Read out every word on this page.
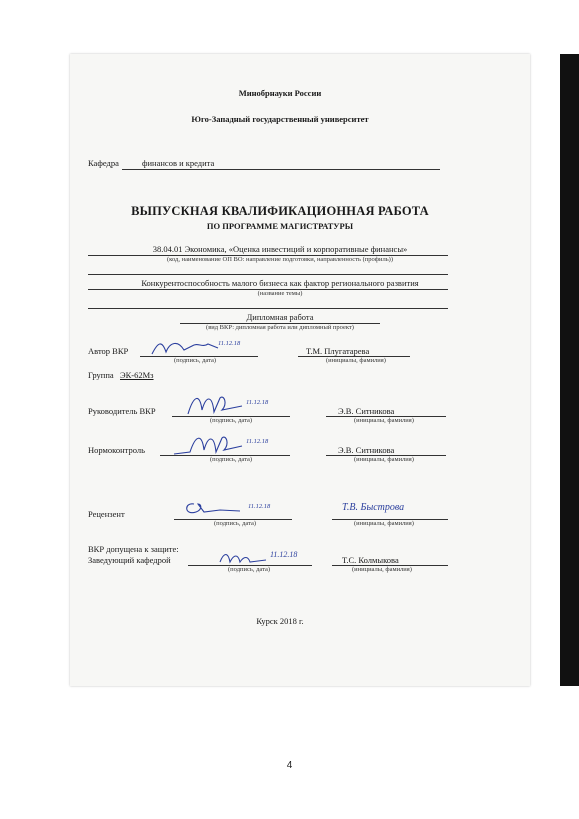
Минобрнауки России
Юго-Западный государственный университет
Кафедра	финансов и кредита
ВЫПУСКНАЯ КВАЛИФИКАЦИОННАЯ РАБОТА
ПО ПРОГРАММЕ МАГИСТРАТУРЫ
38.04.01 Экономика, «Оценка инвестиций и корпоративные финансы»
(код, наименование ОП ВО: направление подготовки, направленность (профиль))
Конкурентоспособность малого бизнеса как фактор регионального развития
(название темы)
Дипломная работа
(вид ВКР: дипломная работа или дипломный проект)
Автор ВКР
11.12.18
(подпись, дата)
Т.М. Плугатарева
(инициалы, фамилия)
Группа ЭК-62Мз
Руководитель ВКР
11.12.18
(подпись, дата)
Э.В. Ситникова
(инициалы, фамилия)
Нормоконтроль
11.12.18
(подпись, дата)
Э.В. Ситникова
(инициалы, фамилия)
Рецензент
11.12.18
(подпись, дата)
Т.В. Быстрова
(инициалы, фамилия)
ВКР допущена к защите:
Заведующий кафедрой
11.12.18
(подпись, дата)
Т.С. Колмыкова
(инициалы, фамилия)
Курск 2018 г.
4
